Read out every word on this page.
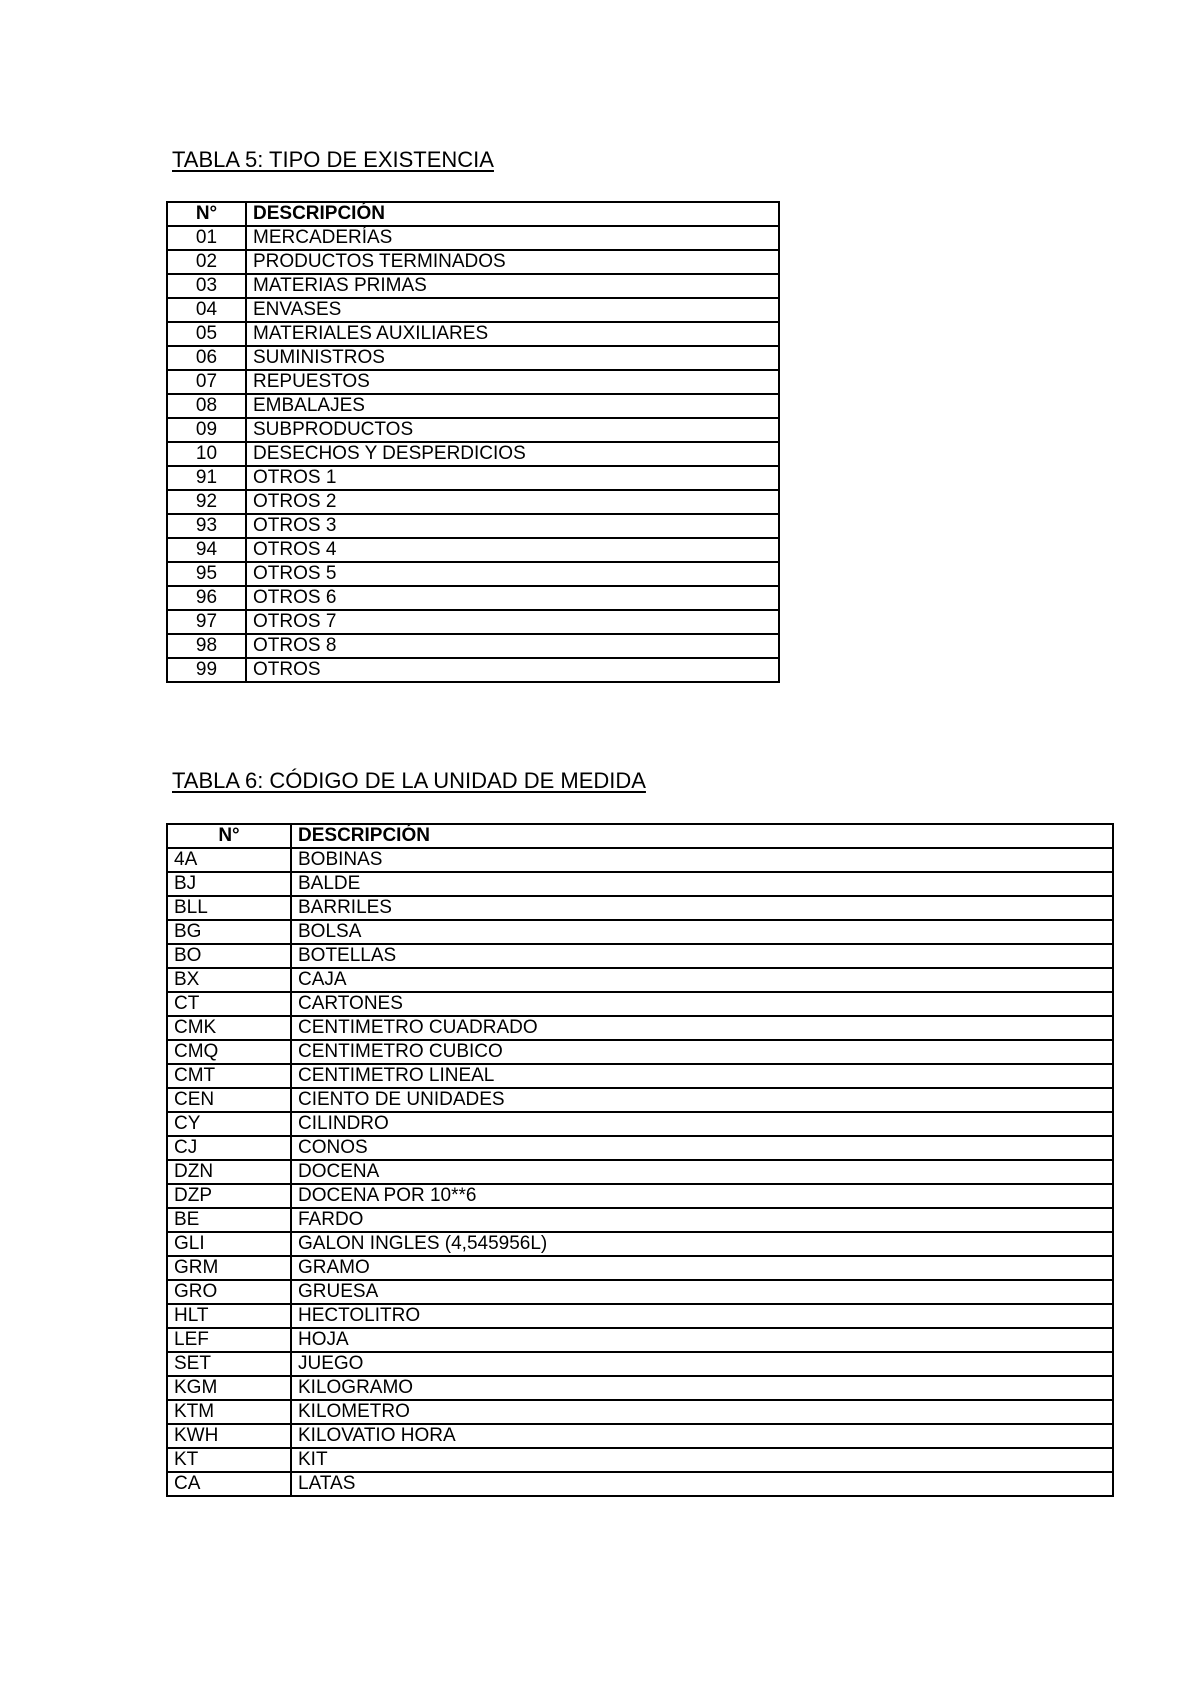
TABLA 5: TIPO DE EXISTENCIA
N°	DESCRIPCIÓN
01	MERCADERÍAS
02	PRODUCTOS TERMINADOS
03	MATERIAS PRIMAS
04	ENVASES
05	MATERIALES AUXILIARES
06	SUMINISTROS
07	REPUESTOS
08	EMBALAJES
09	SUBPRODUCTOS
10	DESECHOS Y DESPERDICIOS
91	OTROS 1
92	OTROS 2
93	OTROS 3
94	OTROS 4
95	OTROS 5
96	OTROS 6
97	OTROS 7
98	OTROS 8
99	OTROS
TABLA 6: CÓDIGO DE LA UNIDAD DE MEDIDA
N°	DESCRIPCIÓN
4A	BOBINAS
BJ	BALDE
BLL	BARRILES
BG	BOLSA
BO	BOTELLAS
BX	CAJA
CT	CARTONES
CMK	CENTIMETRO CUADRADO
CMQ	CENTIMETRO CUBICO
CMT	CENTIMETRO LINEAL
CEN	CIENTO DE UNIDADES
CY	CILINDRO
CJ	CONOS
DZN	DOCENA
DZP	DOCENA POR 10**6
BE	FARDO
GLI	GALON INGLES (4,545956L)
GRM	GRAMO
GRO	GRUESA
HLT	HECTOLITRO
LEF	HOJA
SET	JUEGO
KGM	KILOGRAMO
KTM	KILOMETRO
KWH	KILOVATIO HORA
KT	KIT
CA	LATAS
